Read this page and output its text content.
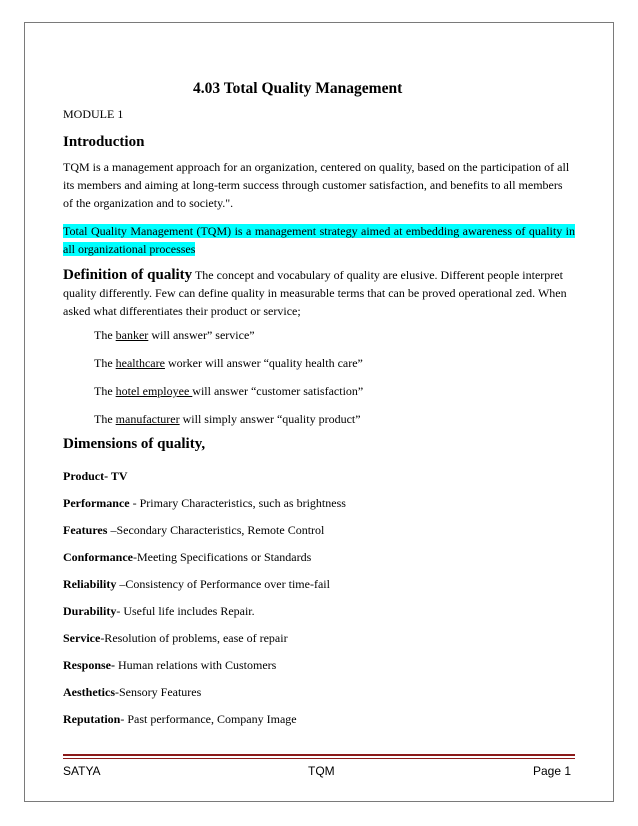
4.03 Total Quality Management
MODULE 1
Introduction
TQM is a management approach for an organization, centered on quality, based on the participation of all its members and aiming at long-term success through customer satisfaction, and benefits to all members of the organization and to society.".
Total Quality Management (TQM) is a management strategy aimed at embedding awareness of quality in all organizational processes
Definition of quality The concept and vocabulary of quality are elusive. Different people interpret quality differently. Few can define quality in measurable terms that can be proved operational zed. When asked what differentiates their product or service;
The banker will answer” service”
The healthcare worker will answer “quality health care”
The hotel employee will answer “customer satisfaction”
The manufacturer will simply answer “quality product”
Dimensions of quality,
Product- TV
Performance - Primary Characteristics, such as brightness
Features –Secondary Characteristics, Remote Control
Conformance-Meeting Specifications or Standards
Reliability –Consistency of Performance over time-fail
Durability- Useful life includes Repair.
Service-Resolution of problems, ease of repair
Response- Human relations with Customers
Aesthetics-Sensory Features
Reputation- Past performance, Company Image
SATYA	TQM	Page 1
